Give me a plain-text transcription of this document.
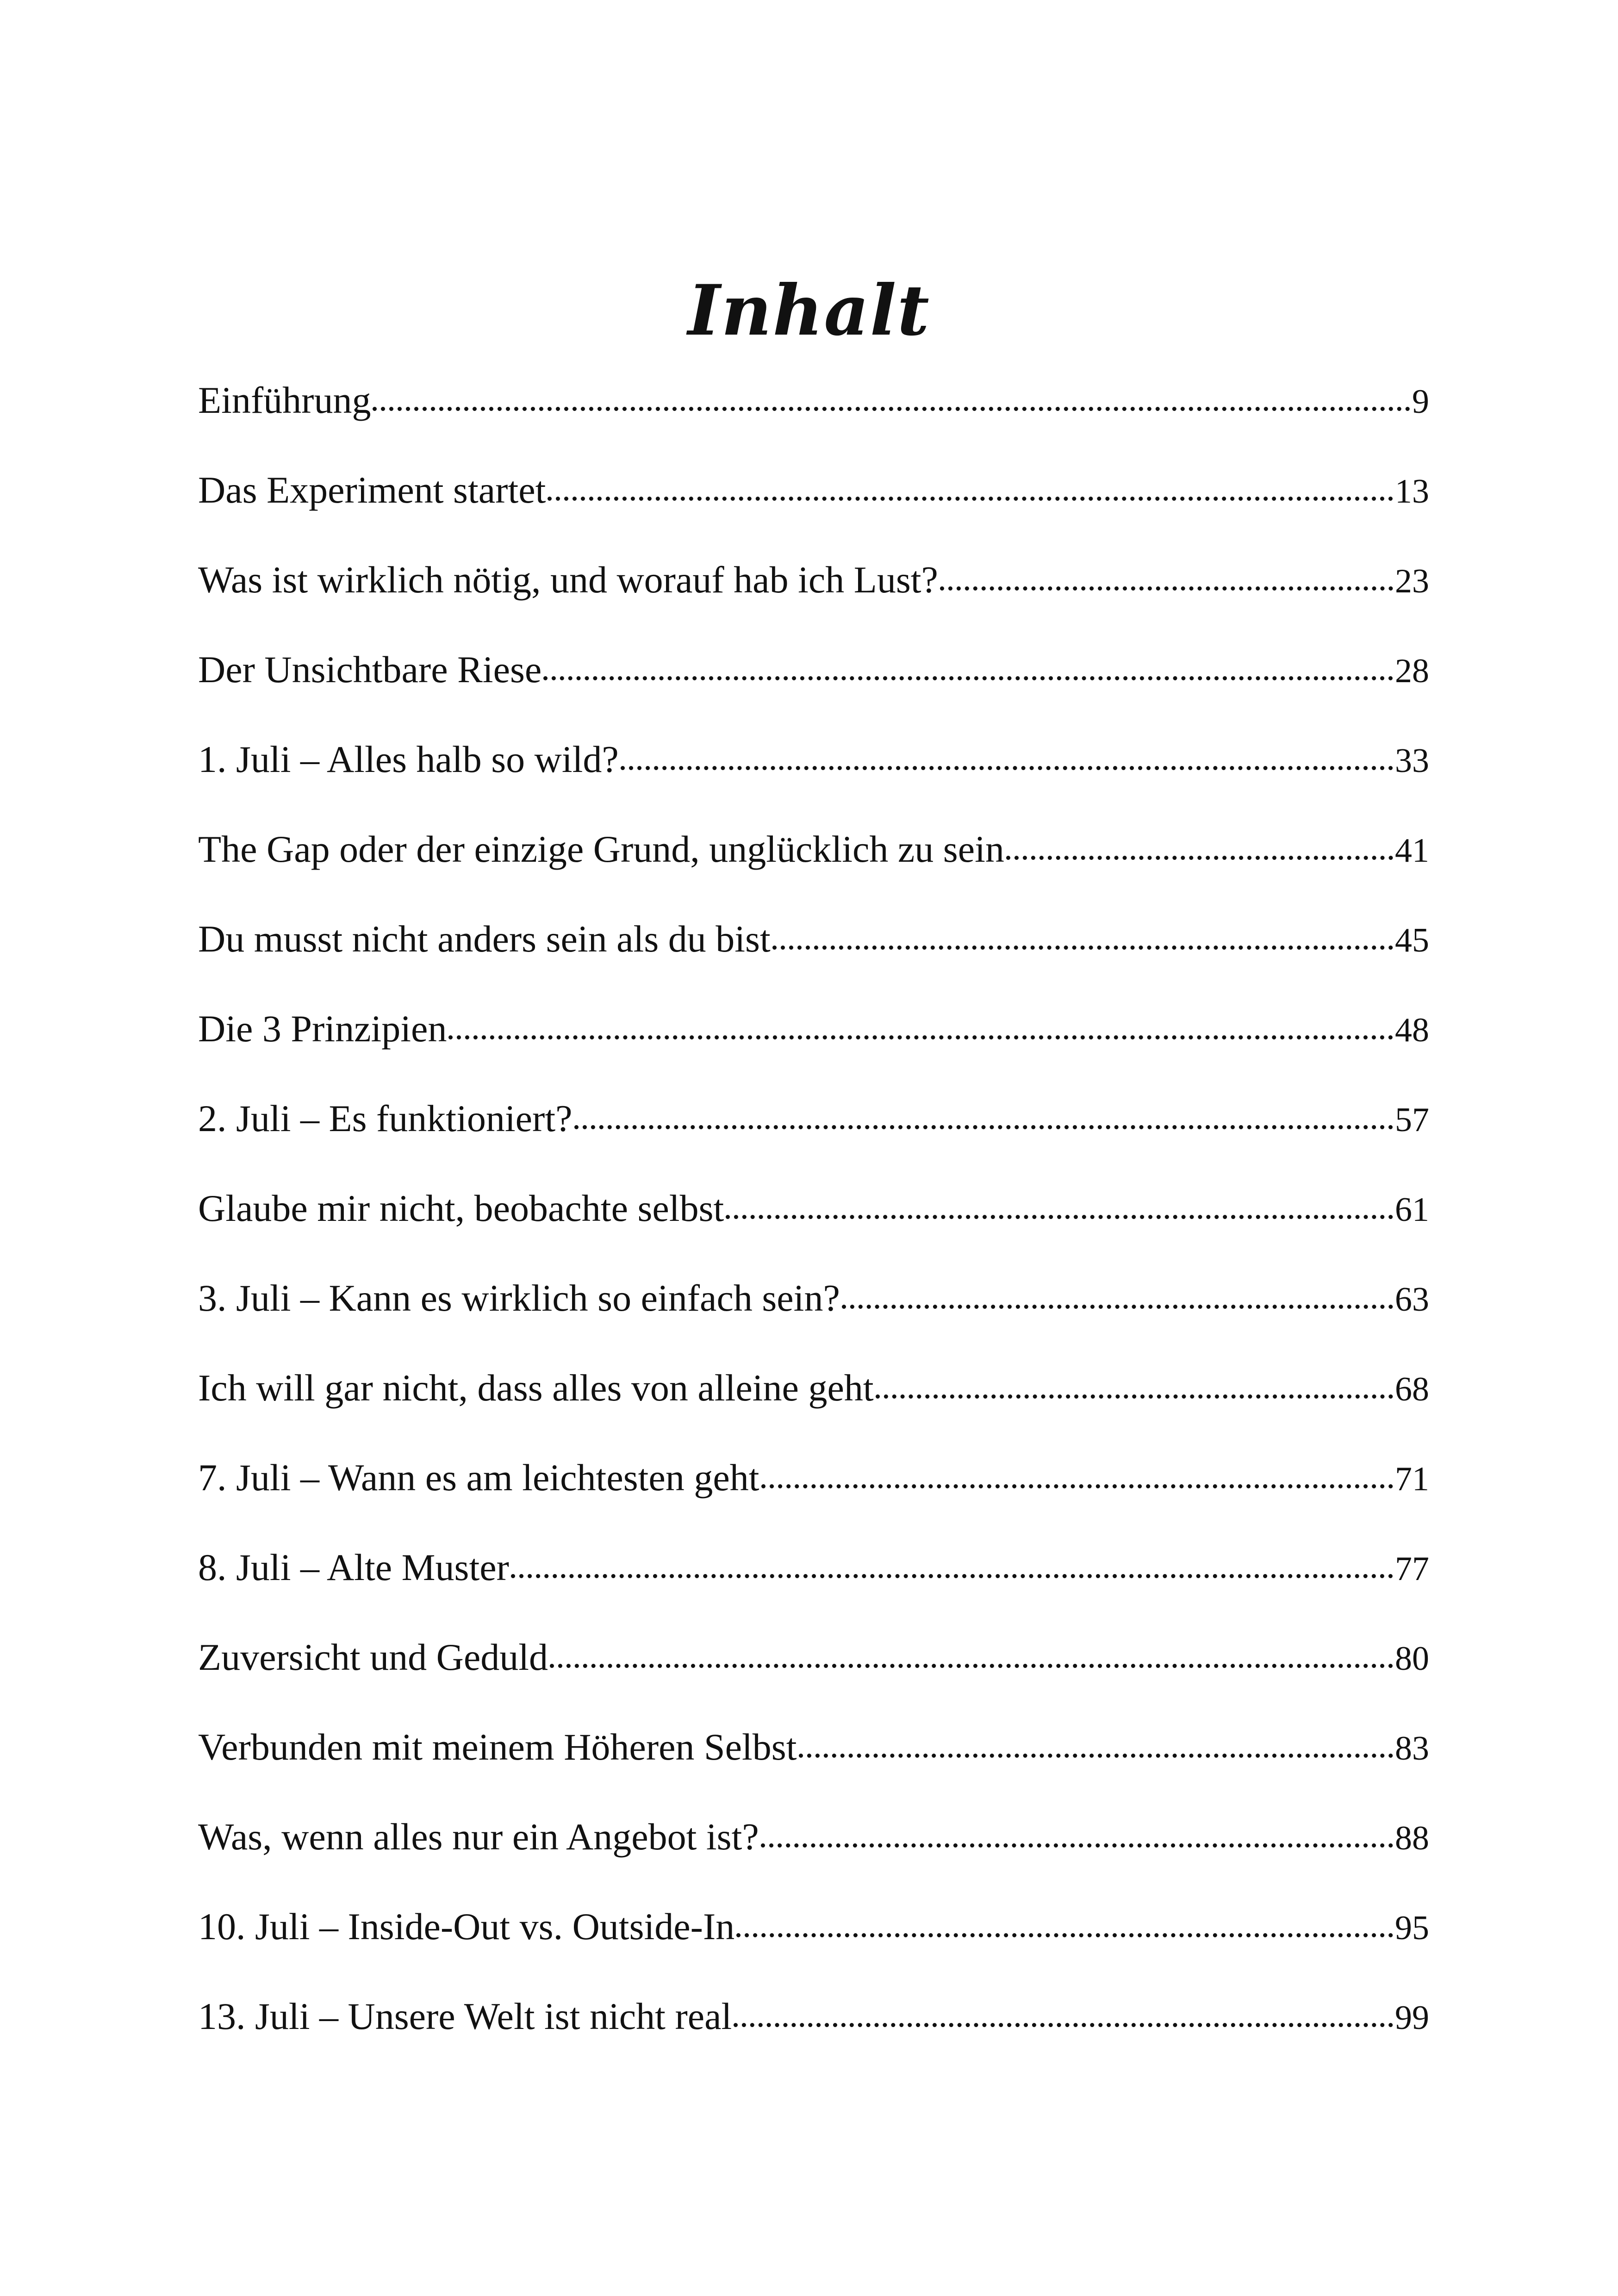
Inhalt
Einführung	9
Das Experiment startet	13
Was ist wirklich nötig, und worauf hab ich Lust?	23
Der Unsichtbare Riese	28
1. Juli – Alles halb so wild?	33
The Gap oder der einzige Grund, unglücklich zu sein	41
Du musst nicht anders sein als du bist	45
Die 3 Prinzipien	48
2. Juli – Es funktioniert?	57
Glaube mir nicht, beobachte selbst	61
3. Juli – Kann es wirklich so einfach sein?	63
Ich will gar nicht, dass alles von alleine geht	68
7. Juli – Wann es am leichtesten geht	71
8. Juli – Alte Muster	77
Zuversicht und Geduld	80
Verbunden mit meinem Höheren Selbst	83
Was, wenn alles nur ein Angebot ist?	88
10. Juli – Inside-Out vs. Outside-In	95
13. Juli – Unsere Welt ist nicht real	99
